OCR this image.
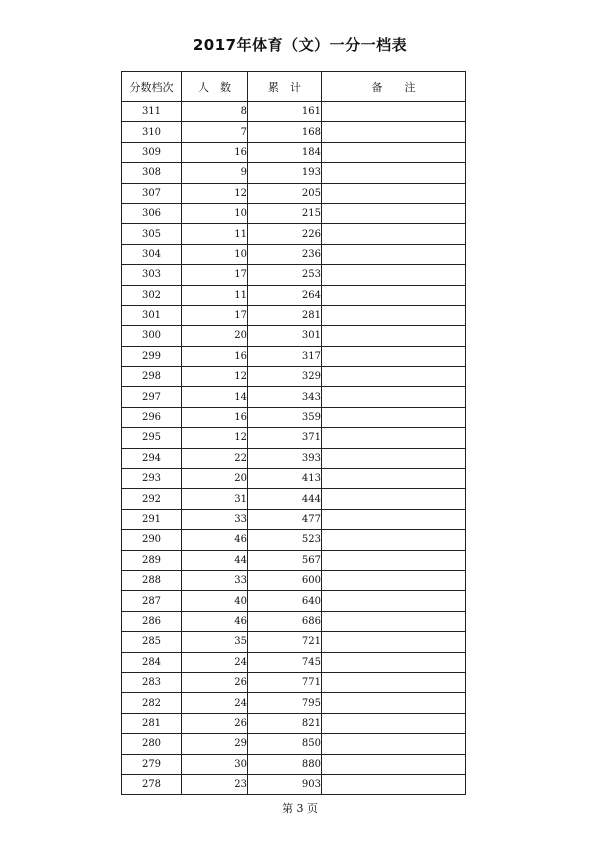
2017年体育（文）一分一档表
分数档次	人　数	累　计	备　　注
311	8	161	
310	7	168	
309	16	184	
308	9	193	
307	12	205	
306	10	215	
305	11	226	
304	10	236	
303	17	253	
302	11	264	
301	17	281	
300	20	301	
299	16	317	
298	12	329	
297	14	343	
296	16	359	
295	12	371	
294	22	393	
293	20	413	
292	31	444	
291	33	477	
290	46	523	
289	44	567	
288	33	600	
287	40	640	
286	46	686	
285	35	721	
284	24	745	
283	26	771	
282	24	795	
281	26	821	
280	29	850	
279	30	880	
278	23	903	
第 3 页
